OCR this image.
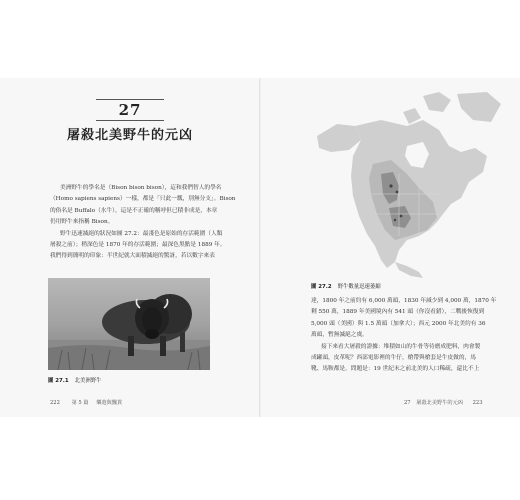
27
屠殺北美野牛的元凶
美洲野牛的學名是（Bison bison bison），這和我們智人的學名
（Homo sapiens sapiens）一樣，都是「只此一瓢，別無分支」。Bison
的俗名是 Buffalo（水牛），這是不正確的稱呼但已積非成是，本章
仍用野牛來指稱 Bison。
野牛迅速滅絕的狀況如圖 27.2：最淺色是原始的存活範圍（人類
屠殺之前）；稍深色是 1870 年的存活範圍；最深色黑點是 1889 年。
我們得到簡明的印象：半世紀就大面積滅絕的驚訝，若以數字來表
圖 27.1 北美洲野牛
222 第 5 篇 樂遊與飄貫
圖 27.2 野牛數量迅速萎縮
達，1800 年之前約有 6,000 萬頭，1830 年減少到 4,000 萬，1870 年
剩 550 萬，1889 年美國境內有 541 頭（你沒看錯），二戰後恢復到
5,000 頭（美國）與 1.5 萬頭（加拿大）；西元 2000 年北美約有 36
萬頭，暫無滅絕之虞。
接下來看大屠殺的證據：堆積如山的牛骨等待磨成肥料，肉會製
成罐頭，皮革呢？西部電影裡的牛仔，槍帶與槍套是牛皮做的，馬
靴、馬鞍都是。問題是：19 世紀末之前北美的人口稀疏，還比不上
27 屠殺北美野牛的元凶 223
